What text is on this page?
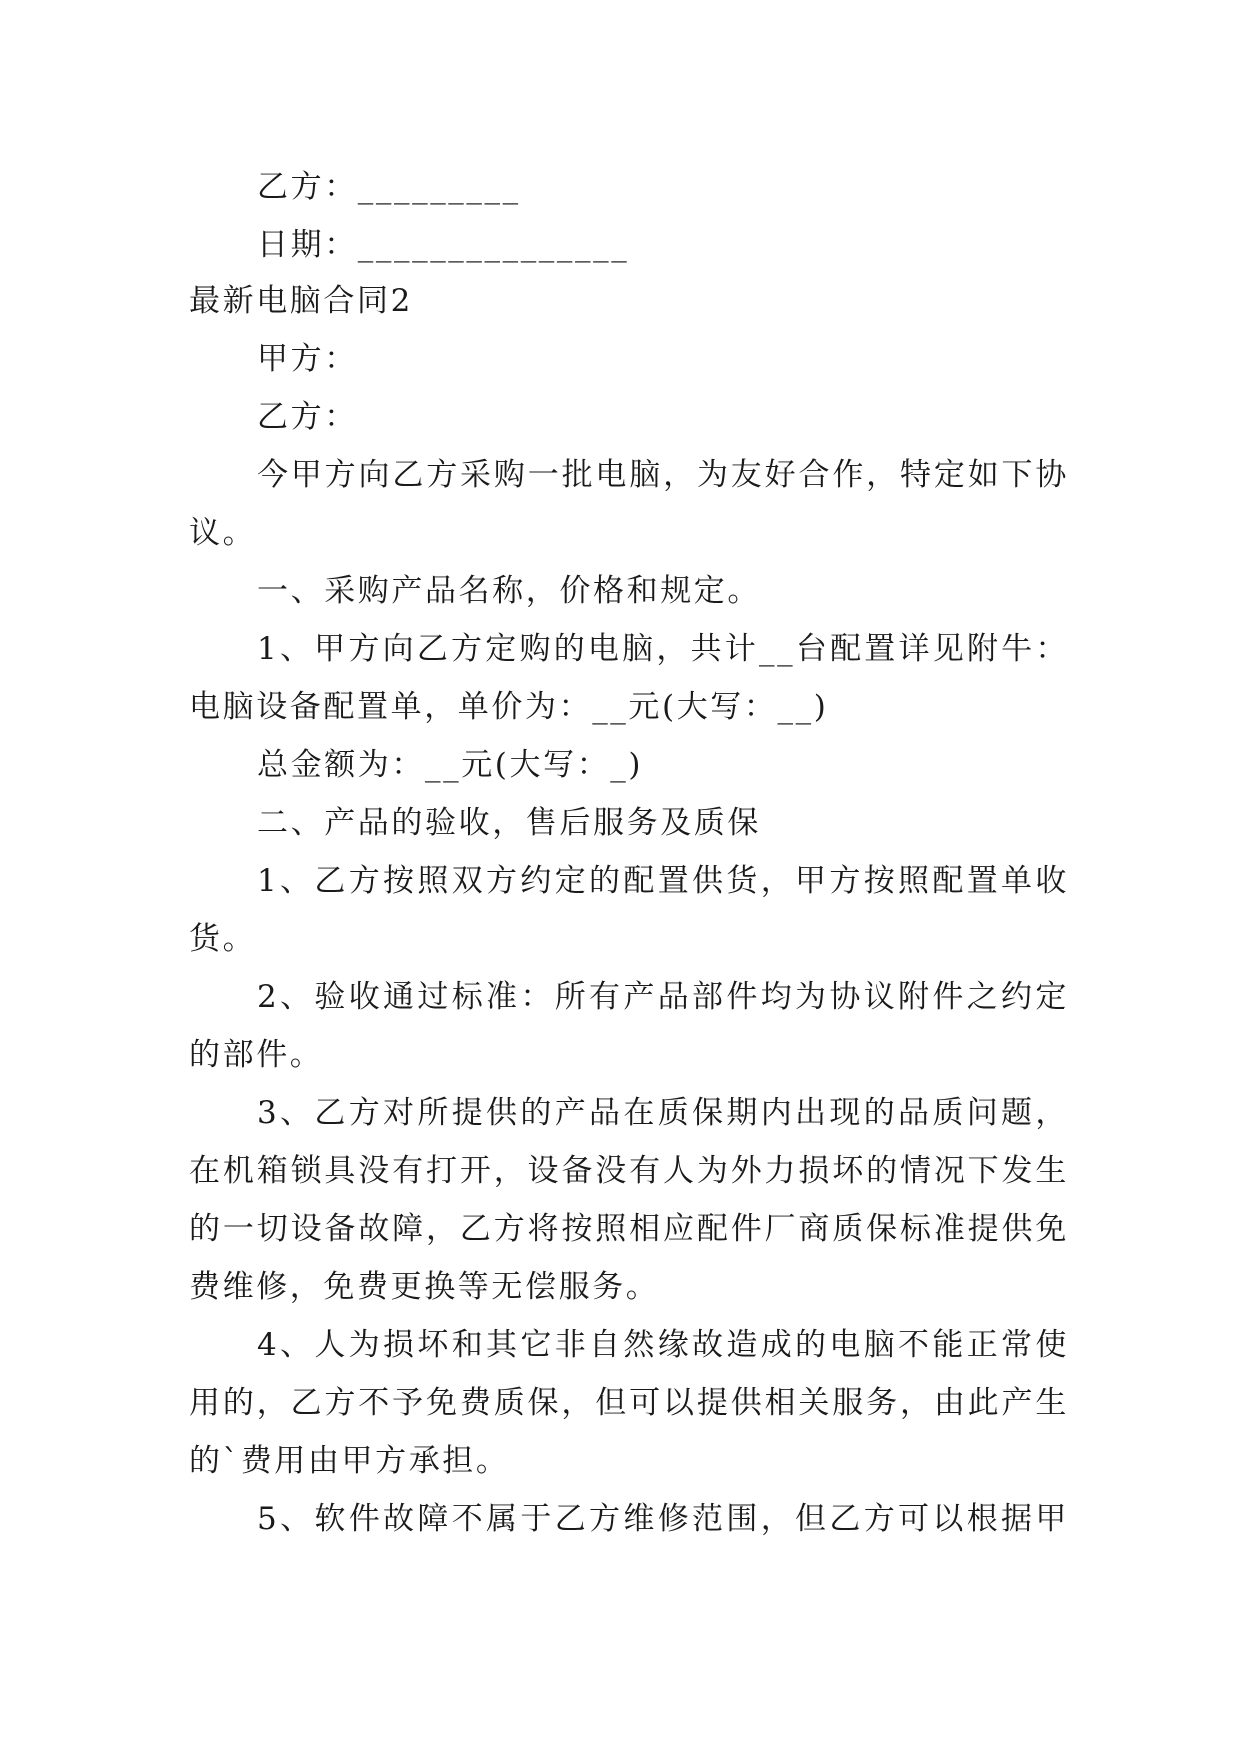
乙方：_________
日期：_______________
最新电脑合同2
甲方：
乙方：
今甲方向乙方采购一批电脑，为友好合作，特定如下协
议。
一、采购产品名称，价格和规定。
1、甲方向乙方定购的电脑，共计__台配置详见附牛：
电脑设备配置单，单价为：__元(大写：__)
总金额为：__元(大写：_)
二、产品的验收，售后服务及质保
1、乙方按照双方约定的配置供货，甲方按照配置单收
货。
2、验收通过标准：所有产品部件均为协议附件之约定
的部件。
3、乙方对所提供的产品在质保期内出现的品质问题，
在机箱锁具没有打开，设备没有人为外力损坏的情况下发生
的一切设备故障，乙方将按照相应配件厂商质保标准提供免
费维修，免费更换等无偿服务。
4、人为损坏和其它非自然缘故造成的电脑不能正常使
用的，乙方不予免费质保，但可以提供相关服务，由此产生
的`费用由甲方承担。
5、软件故障不属于乙方维修范围，但乙方可以根据甲
